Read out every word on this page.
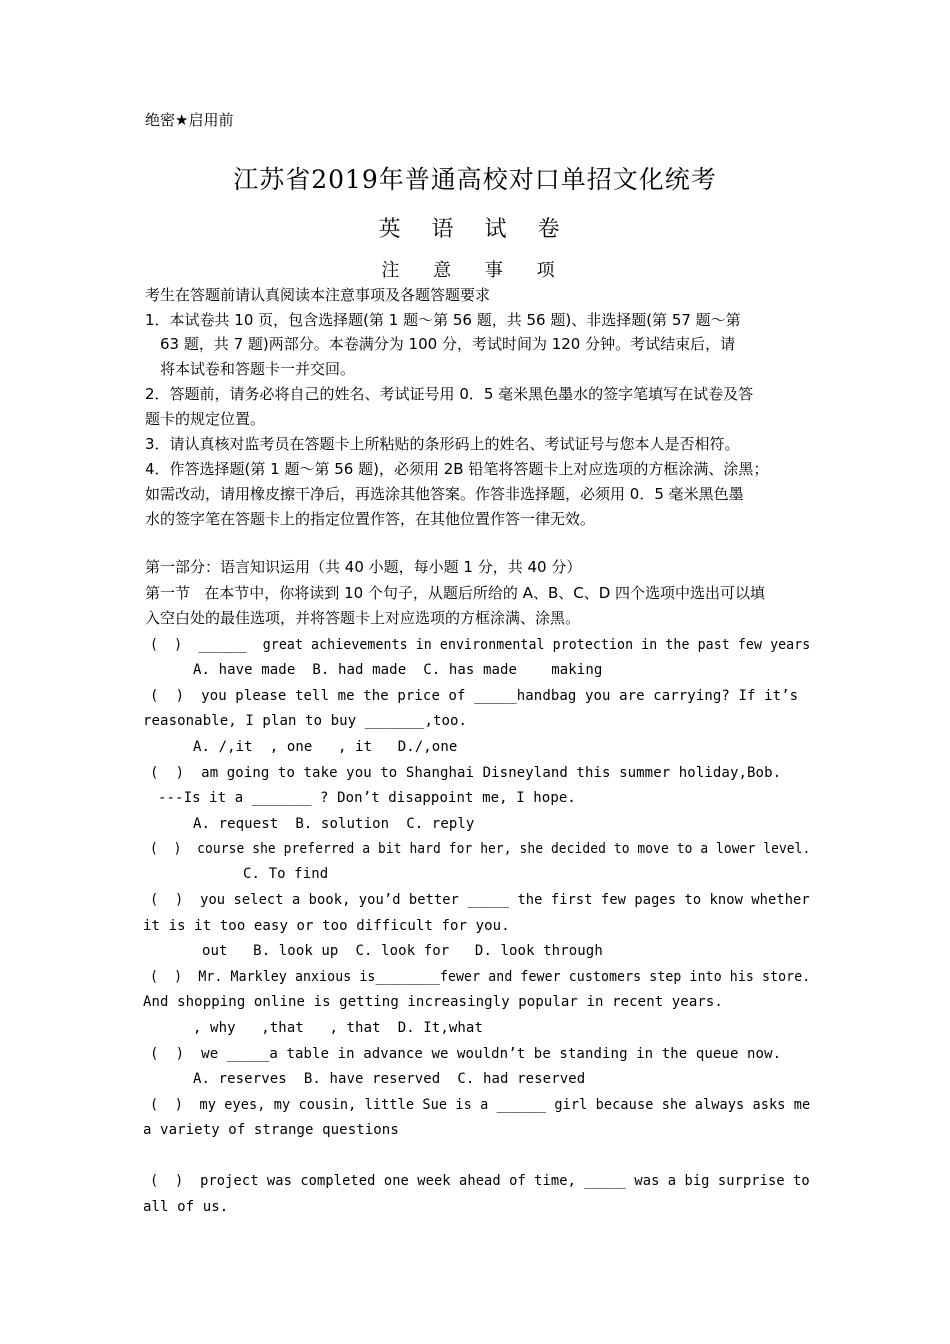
绝密★启用前
江苏省2019年普通高校对口单招文化统考
英 语 试 卷
注 意 事 项
考生在答题前请认真阅读本注意事项及各题答题要求
1．本试卷共 10 页，包含选择题(第 1 题～第 56 题，共 56 题)、非选择题(第 57 题～第
63 题，共 7 题)两部分。本卷满分为 100 分，考试时间为 120 分钟。考试结束后，请
将本试卷和答题卡一并交回。
2．答题前，请务必将自己的姓名、考试证号用 0．5 毫米黑色墨水的签字笔填写在试卷及答
题卡的规定位置。
3．请认真核对监考员在答题卡上所粘贴的条形码上的姓名、考试证号与您本人是否相符。
4．作答选择题(第 1 题～第 56 题)，必须用 2B 铅笔将答题卡上对应选项的方框涂满、涂黑；
如需改动，请用橡皮擦干净后，再选涂其他答案。作答非选择题，必须用 0．5 毫米黑色墨
水的签字笔在答题卡上的指定位置作答，在其他位置作答一律无效。
第一部分：语言知识运用（共 40 小题，每小题 1 分，共 40 分）
第一节   在本节中，你将读到 10 个句子，从题后所给的 A、B、C、D 四个选项中选出可以填
入空白处的最佳选项，并将答题卡上对应选项的方框涂满、涂黑。
(  )  ______  great achievements in environmental protection in the past few years
A. have made  B. had made  C. has made    making
(  )  you please tell me the price of _____handbag you are carrying? If it’s
reasonable, I plan to buy _______,too.
A. /,it  , one   , it   D./,one
(  )  am going to take you to Shanghai Disneyland this summer holiday,Bob.
---Is it a _______ ? Don’t disappoint me, I hope.
A. request  B. solution  C. reply
(  )  course she preferred a bit hard for her, she decided to move to a lower level.
C. To find
(  )  you select a book, you’d better _____ the first few pages to know whether
it is it too easy or too difficult for you.
out   B. look up  C. look for   D. look through
(  )  Mr. Markley anxious is________fewer and fewer customers step into his store.
And shopping online is getting increasingly popular in recent years.
, why   ,that   , that  D. It,what
(  )  we _____a table in advance we wouldn’t be standing in the queue now.
A. reserves  B. have reserved  C. had reserved
(  )  my eyes, my cousin, little Sue is a ______ girl because she always asks me
a variety of strange questions
(  )  project was completed one week ahead of time, _____ was a big surprise to
all of us.
